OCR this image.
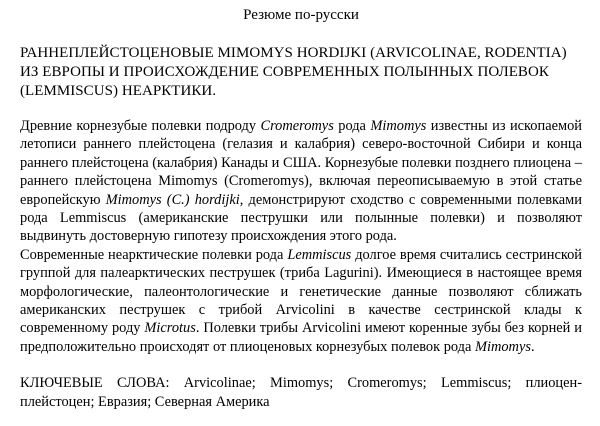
Резюме по-русски

РАННЕПЛЕЙСТОЦЕНОВЫЕ MIMOMYS HORDIJKI (ARVICOLINAE, RODENTIA) ИЗ ЕВРОПЫ И ПРОИСХОЖДЕНИЕ СОВРЕМЕННЫХ ПОЛЫННЫХ ПОЛЕВОК (LEMMISCUS) НЕАРКТИКИ.

Древние корнезубые полевки подроду Cromeromys рода Mimomys известны из ископаемой летописи раннего плейстоцена (гелазия и калабрия) северо-восточной Сибири и конца раннего плейстоцена (калабрия) Канады и США. Корнезубые полевки позднего плиоцена – раннего плейстоцена Mimomys (Cromeromys), включая переописываемую в этой статье европейскую Mimomys (C.) hordijki, демонстрируют сходство с современными полевками рода Lemmiscus (американские пеструшки или полынные полевки) и позволяют выдвинуть достоверную гипотезу происхождения этого рода.

Современные неарктические полевки рода Lemmiscus долгое время считались сестринской группой для палеарктических пеструшек (триба Lagurini). Имеющиеся в настоящее время морфологические, палеонтологические и генетические данные позволяют сближать американских пеструшек с трибой Arvicolini в качестве сестринской клады к современному роду Microtus. Полевки трибы Arvicolini имеют коренные зубы без корней и предположительно происходят от плиоценовых корнезубых полевок рода Mimomys.

КЛЮЧЕВЫЕ СЛОВА: Arvicolinae; Mimomys; Cromeromys; Lemmiscus; плиоцен-плейстоцен; Евразия; Северная Америка
